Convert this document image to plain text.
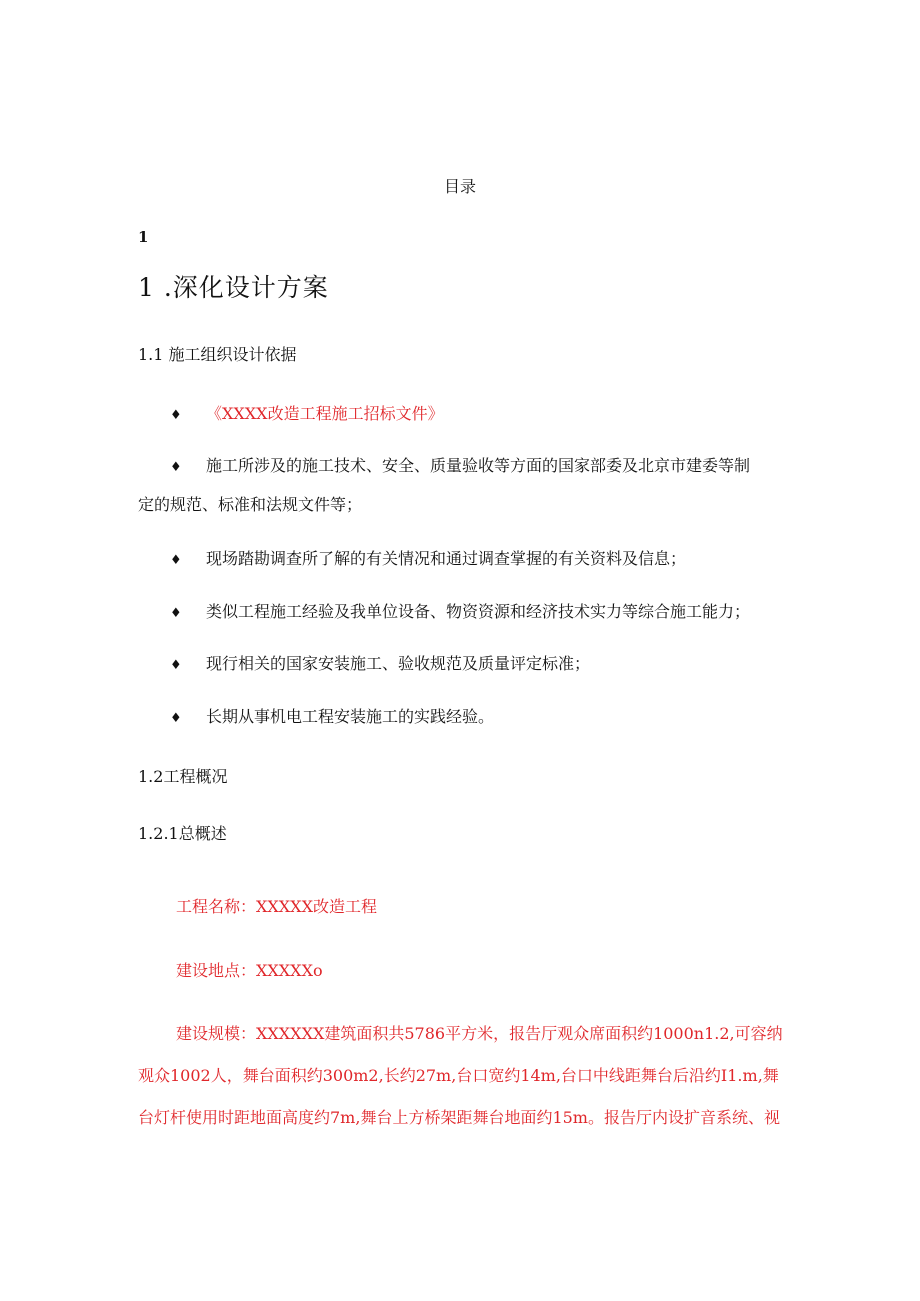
目录
1
1 .深化设计方案
1.1 施工组织设计依据
♦ 《XXXX改造工程施工招标文件》
♦ 施工所涉及的施工技术、安全、质量验收等方面的国家部委及北京市建委等制
定的规范、标准和法规文件等；
♦ 现场踏勘调查所了解的有关情况和通过调查掌握的有关资料及信息；
♦ 类似工程施工经验及我单位设备、物资资源和经济技术实力等综合施工能力；
♦ 现行相关的国家安装施工、验收规范及质量评定标准；
♦ 长期从事机电工程安装施工的实践经验。
1.2工程概况
1.2.1总概述
工程名称：XXXXX改造工程
建设地点：XXXXXo
建设规模：XXXXXX建筑面积共5786平方米，报告厅观众席面积约1000n1.2,可容纳
观众1002人，舞台面积约300m2,长约27m,台口宽约14m,台口中线距舞台后沿约I1.m,舞
台灯杆使用时距地面高度约7m,舞台上方桥架距舞台地面约15m。报告厅内设扩音系统、视
